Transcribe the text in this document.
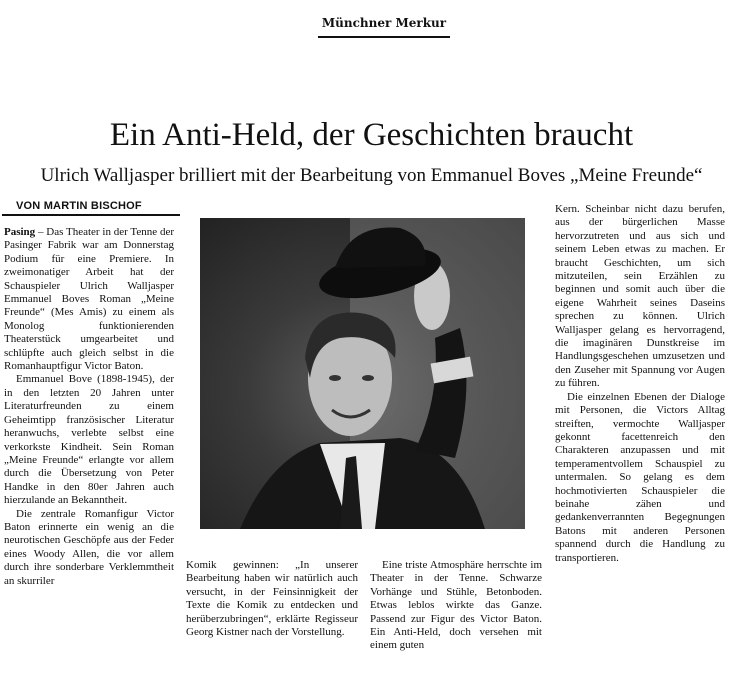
Münchner Merkur
Ein Anti-Held, der Geschichten braucht
Ulrich Walljasper brilliert mit der Bearbeitung von Emmanuel Boves „Meine Freunde“
VON MARTIN BISCHOF

Pasing – Das Theater in der Tenne der Pasinger Fabrik war am Donnerstag Podium für eine Premiere. In zweimonatiger Arbeit hat der Schauspieler Ulrich Walljasper Emmanuel Boves Roman „Meine Freunde“ (Mes Amis) zu einem als Monolog funktionierenden Theaterstück umgearbeitet und schlüpfte auch gleich selbst in die Romanhauptfigur Victor Baton.

Emmanuel Bove (1898-1945), der in den letzten 20 Jahren unter Literaturfreunden zu einem Geheimtipp französischer Literatur heranwuchs, verlebte selbst eine verkorkste Kindheit. Sein Roman „Meine Freunde“ erlangte vor allem durch die Übersetzung von Peter Handke in den 80er Jahren auch hierzulande an Bekanntheit.

Die zentrale Romanfigur Victor Baton erinnerte ein wenig an die neurotischen Geschöpfe aus der Feder eines Woody Allen, die vor allem durch ihre sonderbare Verklemmtheit an skurriler

Komik gewinnen: „In unserer Bearbeitung haben wir natürlich auch versucht, in der Feinsinnigkeit der Texte die Komik zu entdecken und herüberzubringen“, erklärte Regisseur Georg Kistner nach der Vorstellung.

Eine triste Atmosphäre herrschte im Theater in der Tenne. Schwarze Vorhänge und Stühle, Betonboden. Etwas leblos wirkte das Ganze. Passend zur Figur des Victor Baton. Ein Anti-Held, doch versehen mit einem guten

Kern. Scheinbar nicht dazu berufen, aus der bürgerlichen Masse hervorzutreten und aus sich und seinem Leben etwas zu machen. Er braucht Geschichten, um sich mitzuteilen, sein Erzählen zu beginnen und somit auch über die eigene Wahrheit seines Daseins sprechen zu können. Ulrich Walljasper gelang es hervorragend, die imaginären Dunstkreise im Handlungsgeschehen umzusetzen und den Zuseher mit Spannung vor Augen zu führen.

Die einzelnen Ebenen der Dialoge mit Personen, die Victors Alltag streiften, vermochte Walljasper gekonnt facettenreich den Charakteren anzupassen und mit temperamentvollem Schauspiel zu untermalen. So gelang es dem hochmotivierten Schauspieler die beinahe zähen und gedankenverrannten Begegnungen Batons mit anderen Personen spannend durch die Handlung zu transportieren.
